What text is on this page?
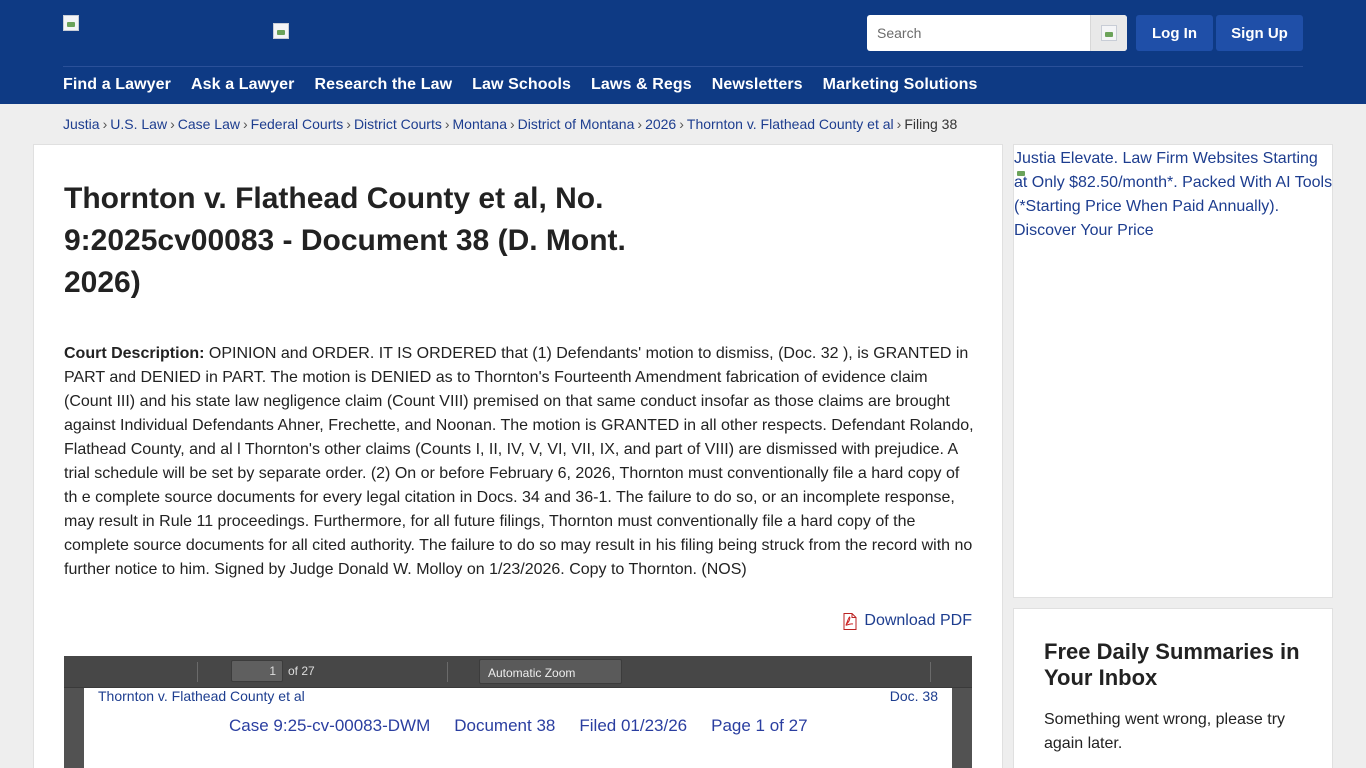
Search
Log In	Sign Up
Find a Lawyer Ask a Lawyer Research the Law Law Schools Laws & Regs Newsletters Marketing Solutions
Justia › U.S. Law › Case Law › Federal Courts › District Courts › Montana › District of Montana › 2026 › Thornton v. Flathead County et al › Filing 38
Thornton v. Flathead County et al, No. 9:2025cv00083 - Document 38 (D. Mont. 2026)

Court Description: OPINION and ORDER. IT IS ORDERED that (1) Defendants' motion to dismiss, (Doc. 32 ), is GRANTED in PART and DENIED in PART. The motion is DENIED as to Thornton's Fourteenth Amendment fabrication of evidence claim (Count III) and his state law negligence claim (Count VIII) premised on that same conduct insofar as those claims are brought against Individual Defendants Ahner, Frechette, and Noonan. The motion is GRANTED in all other respects. Defendant Rolando, Flathead County, and al l Thornton's other claims (Counts I, II, IV, V, VI, VII, IX, and part of VIII) are dismissed with prejudice. A trial schedule will be set by separate order. (2) On or before February 6, 2026, Thornton must conventionally file a hard copy of th e complete source documents for every legal citation in Docs. 34 and 36-1. The failure to do so, or an incomplete response, may result in Rule 11 proceedings. Furthermore, for all future filings, Thornton must conventionally file a hard copy of the complete source documents for all cited authority. The failure to do so may result in his filing being struck from the record with no further notice to him. Signed by Judge Donald W. Molloy on 1/23/2026. Copy to Thornton. (NOS)

Download PDF
1	of 27	Automatic Zoom
Thornton v. Flathead County et al	Doc. 38
Case 9:25-cv-00083-DWM Document 38 Filed 01/23/26 Page 1 of 27
Justia Elevate. Law Firm Websites Starting at Only $82.50/month*. Packed With AI Tools (*Starting Price When Paid Annually). Discover Your Price
Free Daily Summaries in Your Inbox

Something went wrong, please try again later.
